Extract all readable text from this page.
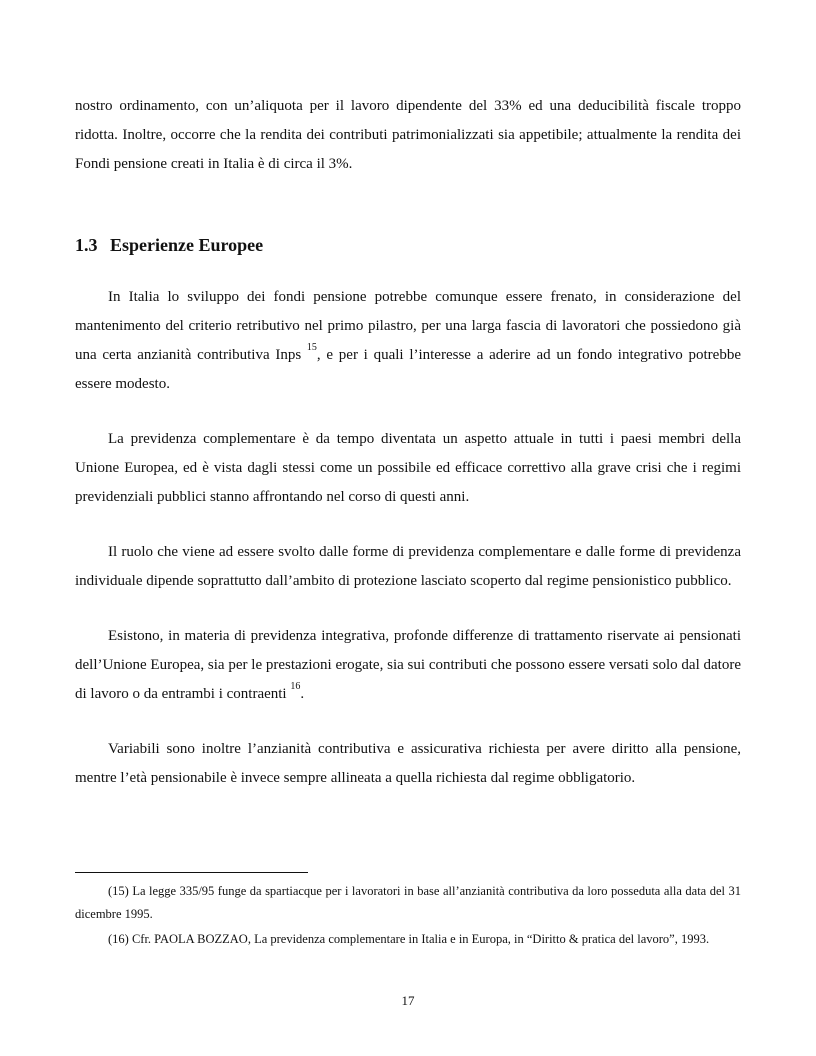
nostro ordinamento, con un’aliquota per il lavoro dipendente del 33% ed una deducibilità fiscale troppo ridotta. Inoltre, occorre che la rendita dei contributi patrimonializzati sia appetibile; attualmente la rendita dei Fondi pensione creati in Italia è di circa il 3%.

1.3 Esperienze Europee

In Italia lo sviluppo dei fondi pensione potrebbe comunque essere frenato, in considerazione del mantenimento del criterio retributivo nel primo pilastro, per una larga fascia di lavoratori che possiedono già una certa anzianità contributiva Inps $^{15}$, e per i quali l’interesse a aderire ad un fondo integrativo potrebbe essere modesto.

La previdenza complementare è da tempo diventata un aspetto attuale in tutti i paesi membri della Unione Europea, ed è vista dagli stessi come un possibile ed efficace correttivo alla grave crisi che i regimi previdenziali pubblici stanno affrontando nel corso di questi anni.

Il ruolo che viene ad essere svolto dalle forme di previdenza complementare e dalle forme di previdenza individuale dipende soprattutto dall’ambito di protezione lasciato scoperto dal regime pensionistico pubblico.

Esistono, in materia di previdenza integrativa, profonde differenze di trattamento riservate ai pensionati dell’Unione Europea, sia per le prestazioni erogate, sia sui contributi che possono essere versati solo dal datore di lavoro o da entrambi i contraenti $^{16}$.

Variabili sono inoltre l’anzianità contributiva e assicurativa richiesta per avere diritto alla pensione, mentre l’età pensionabile è invece sempre allineata a quella richiesta dal regime obbligatorio.

(15) La legge 335/95 funge da spartiacque per i lavoratori in base all’anzianità contributiva da loro posseduta alla data del 31 dicembre 1995.

(16) Cfr. PAOLA BOZZAO, La previdenza complementare in Italia e in Europa, in “Diritto & pratica del lavoro”, 1993.

17
